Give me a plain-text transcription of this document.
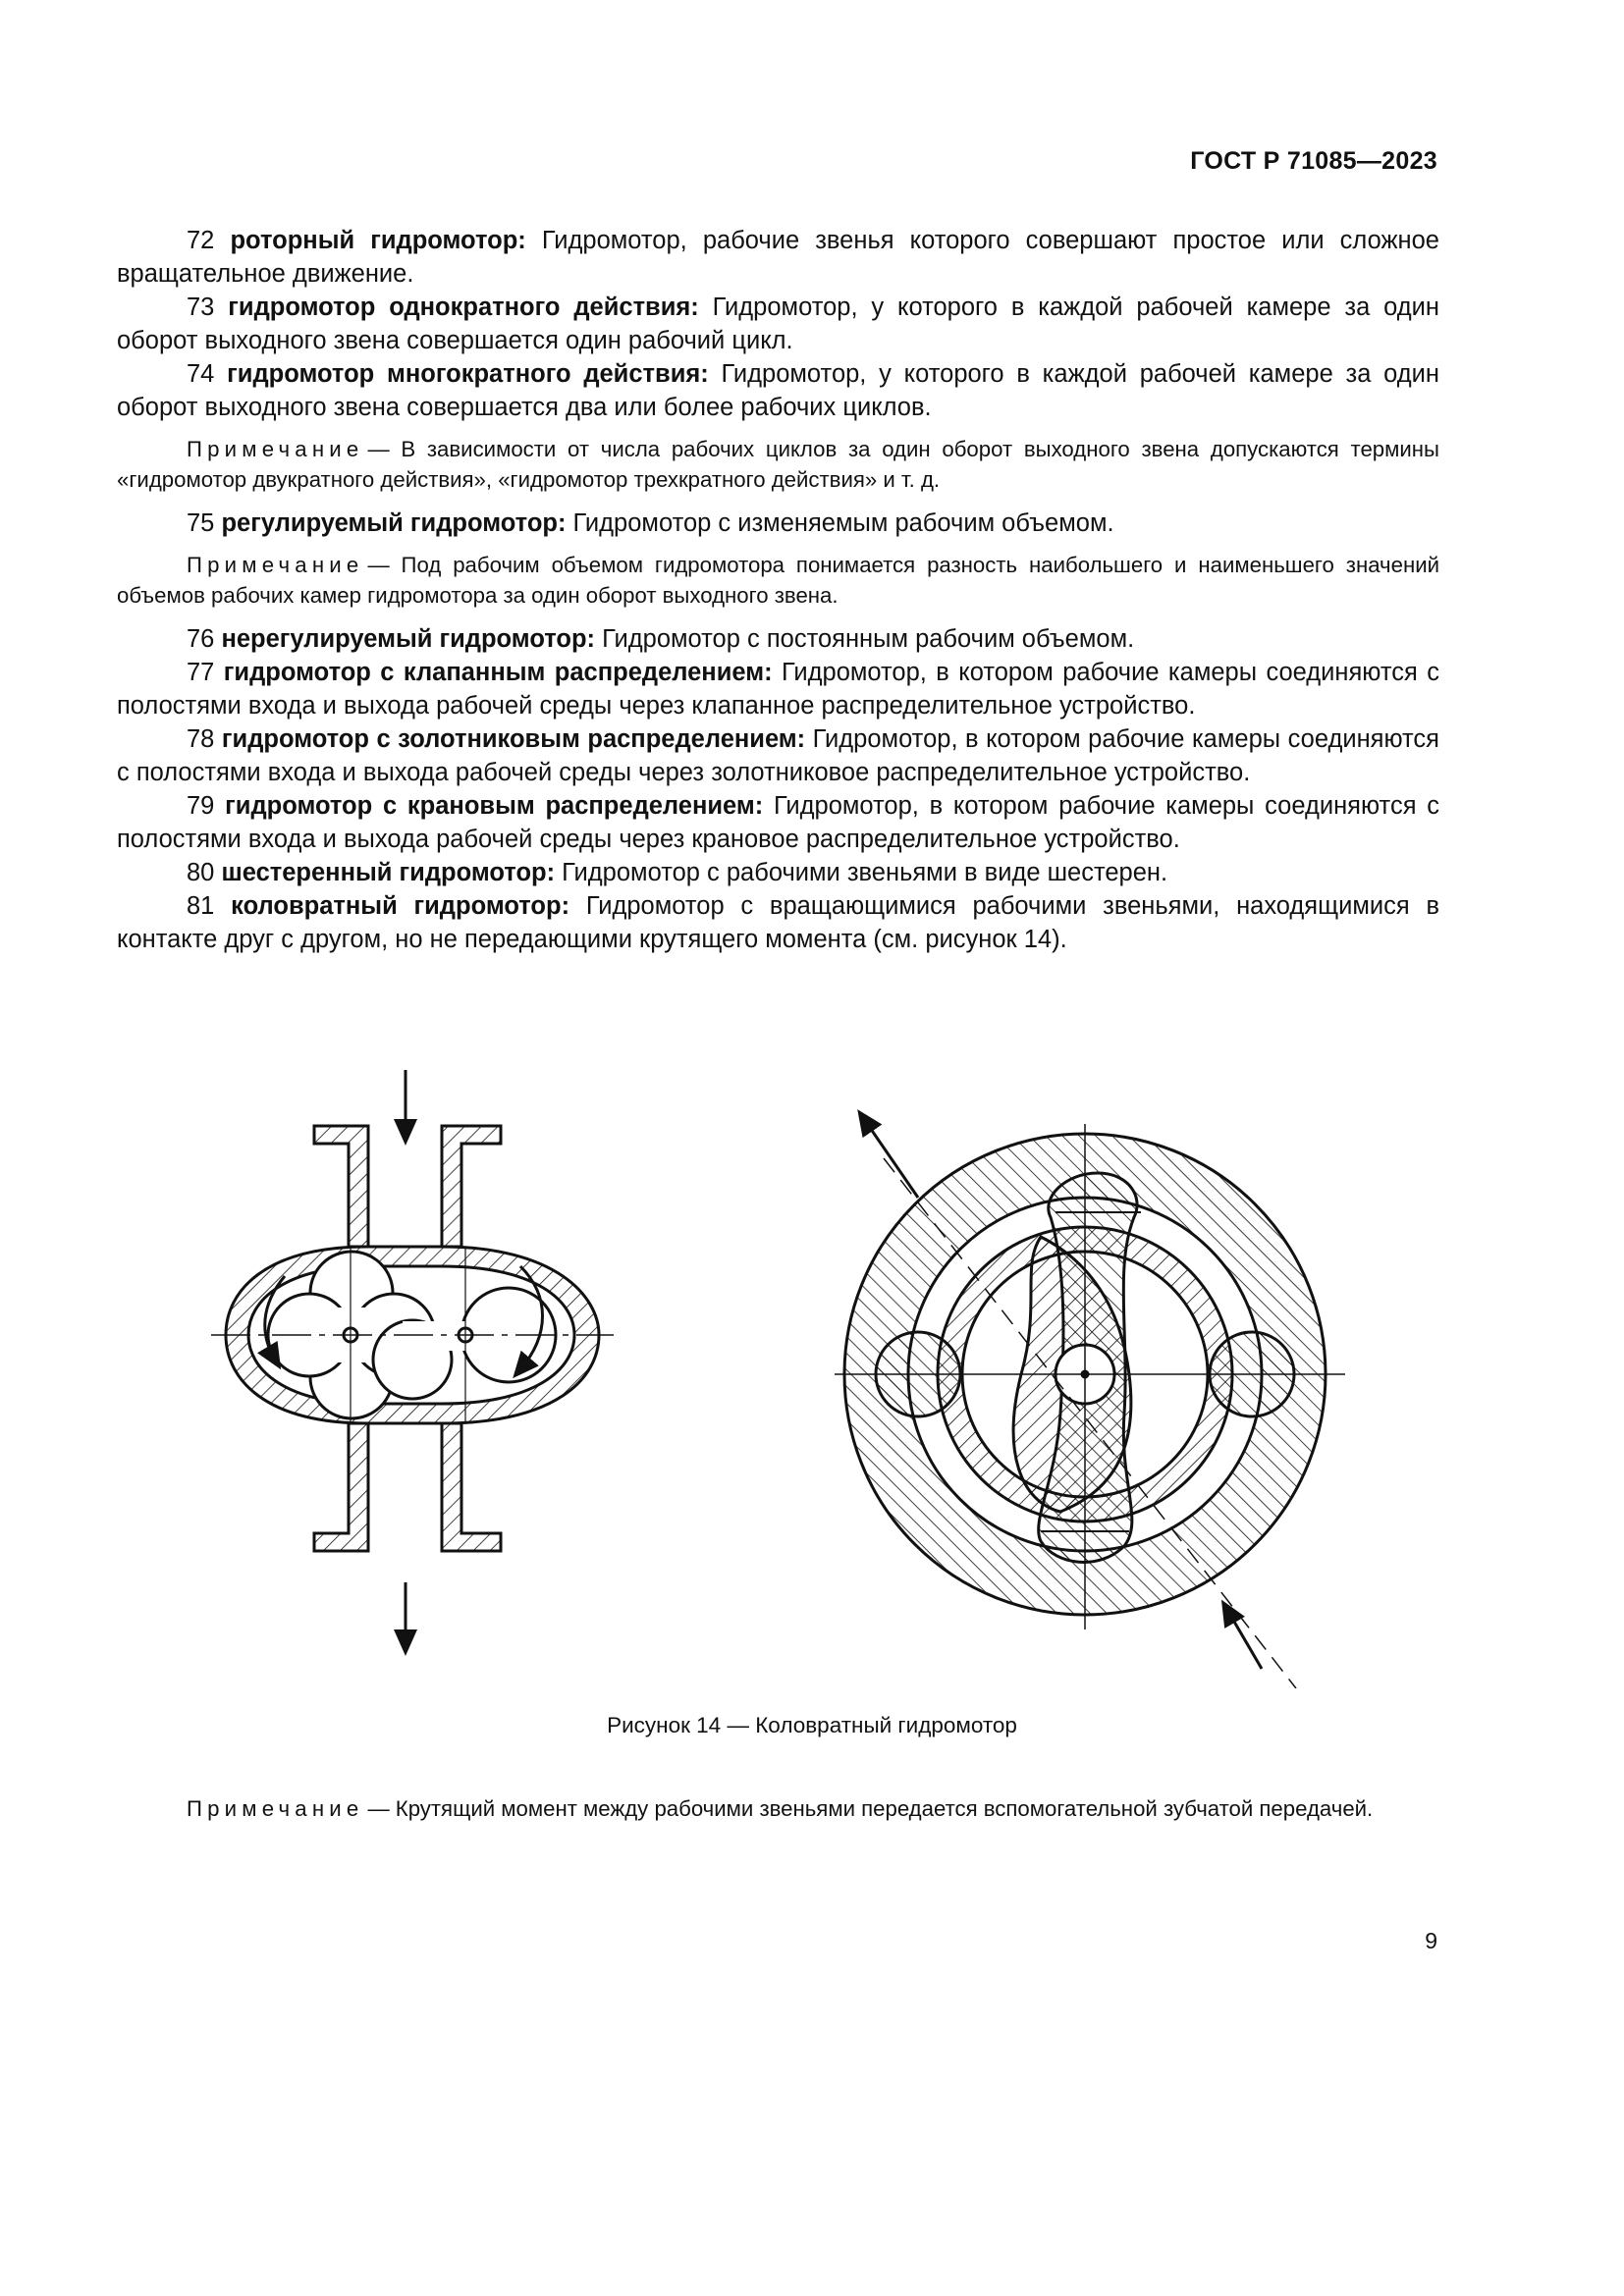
ГОСТ Р 71085—2023

72 роторный гидромотор: Гидромотор, рабочие звенья которого совершают простое или сложное вращательное движение.

73 гидромотор однократного действия: Гидромотор, у которого в каждой рабочей камере за один оборот выходного звена совершается один рабочий цикл.

74 гидромотор многократного действия: Гидромотор, у которого в каждой рабочей камере за один оборот выходного звена совершается два или более рабочих циклов.

Примечание — В зависимости от числа рабочих циклов за один оборот выходного звена допускаются термины «гидромотор двукратного действия», «гидромотор трехкратного действия» и т. д.

75 регулируемый гидромотор: Гидромотор с изменяемым рабочим объемом.

Примечание — Под рабочим объемом гидромотора понимается разность наибольшего и наименьшего значений объемов рабочих камер гидромотора за один оборот выходного звена.

76 нерегулируемый гидромотор: Гидромотор с постоянным рабочим объемом.

77 гидромотор с клапанным распределением: Гидромотор, в котором рабочие камеры соединяются с полостями входа и выхода рабочей среды через клапанное распределительное устройство.

78 гидромотор с золотниковым распределением: Гидромотор, в котором рабочие камеры соединяются с полостями входа и выхода рабочей среды через золотниковое распределительное устройство.

79 гидромотор с крановым распределением: Гидромотор, в котором рабочие камеры соединяются с полостями входа и выхода рабочей среды через крановое распределительное устройство.

80 шестеренный гидромотор: Гидромотор с рабочими звеньями в виде шестерен.

81 коловратный гидромотор: Гидромотор с вращающимися рабочими звеньями, находящимися в контакте друг с другом, но не передающими крутящего момента (см. рисунок 14).

Рисунок 14 — Коловратный гидромотор

Примечание — Крутящий момент между рабочими звеньями передается вспомогательной зубчатой передачей.

9
